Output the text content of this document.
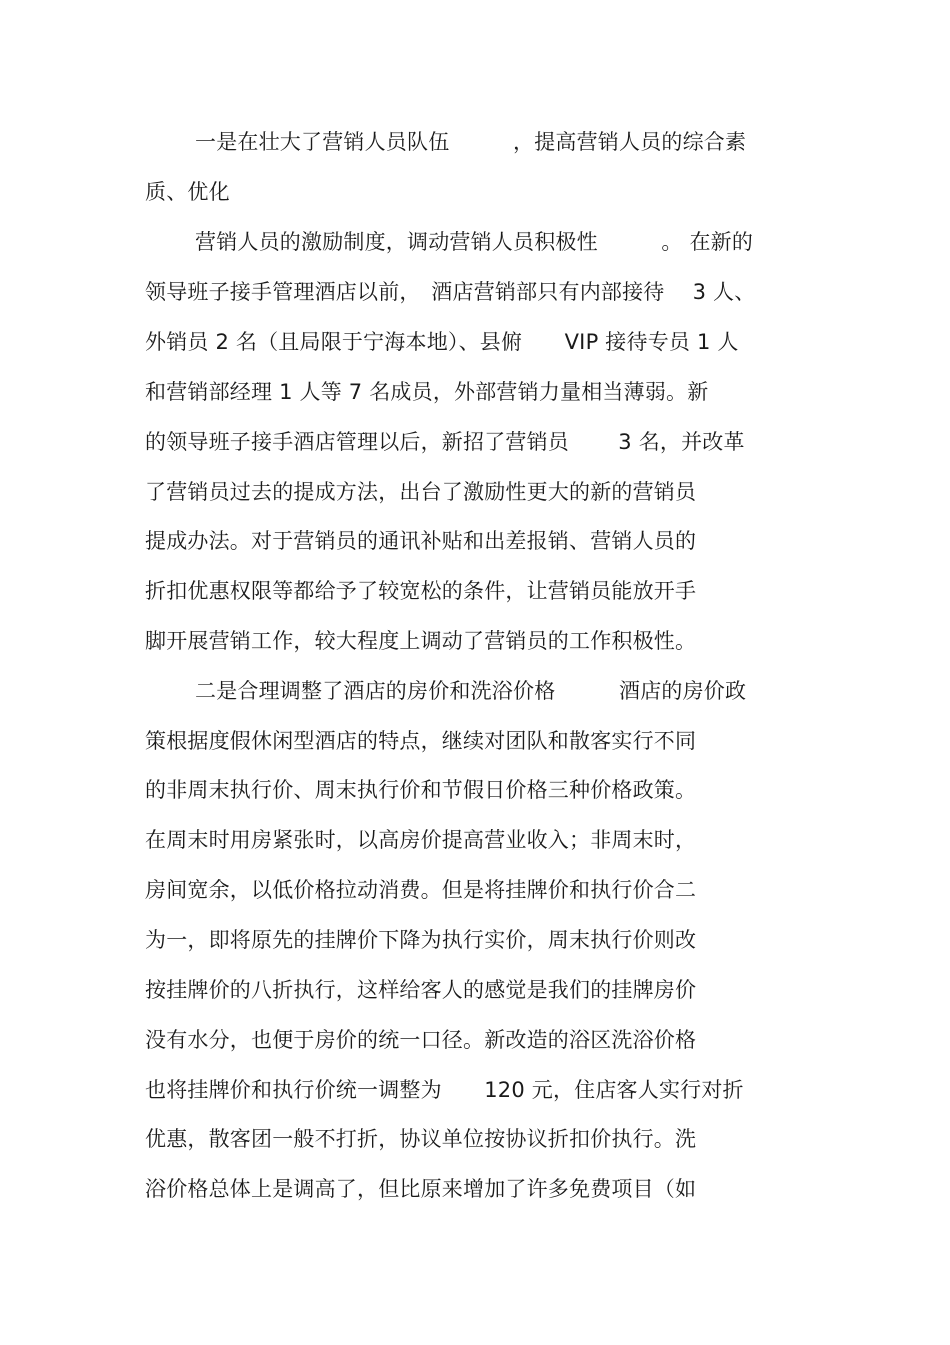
一是在壮大了营销人员队伍　　　，提高营销人员的综合素
质、优化
营销人员的激励制度，调动营销人员积极性　　　。 在新的
领导班子接手管理酒店以前，　酒店营销部只有内部接待　 3 人、
外销员 2 名（且局限于宁海本地）、县俯　　VIP 接待专员 1 人
和营销部经理 1 人等 7 名成员，外部营销力量相当薄弱。新
的领导班子接手酒店管理以后，新招了营销员　　 3 名，并改革
了营销员过去的提成方法，出台了激励性更大的新的营销员
提成办法。对于营销员的通讯补贴和出差报销、营销人员的
折扣优惠权限等都给予了较宽松的条件，让营销员能放开手
脚开展营销工作，较大程度上调动了营销员的工作积极性。
二是合理调整了酒店的房价和洗浴价格　　　酒店的房价政
策根据度假休闲型酒店的特点，继续对团队和散客实行不同
的非周末执行价、周末执行价和节假日价格三种价格政策。
在周末时用房紧张时，以高房价提高营业收入；非周末时，
房间宽余，以低价格拉动消费。但是将挂牌价和执行价合二
为一，即将原先的挂牌价下降为执行实价，周末执行价则改
按挂牌价的八折执行，这样给客人的感觉是我们的挂牌房价
没有水分，也便于房价的统一口径。新改造的浴区洗浴价格
也将挂牌价和执行价统一调整为　　120 元，住店客人实行对折
优惠，散客团一般不打折，协议单位按协议折扣价执行。洗
浴价格总体上是调高了，但比原来增加了许多免费项目（如
